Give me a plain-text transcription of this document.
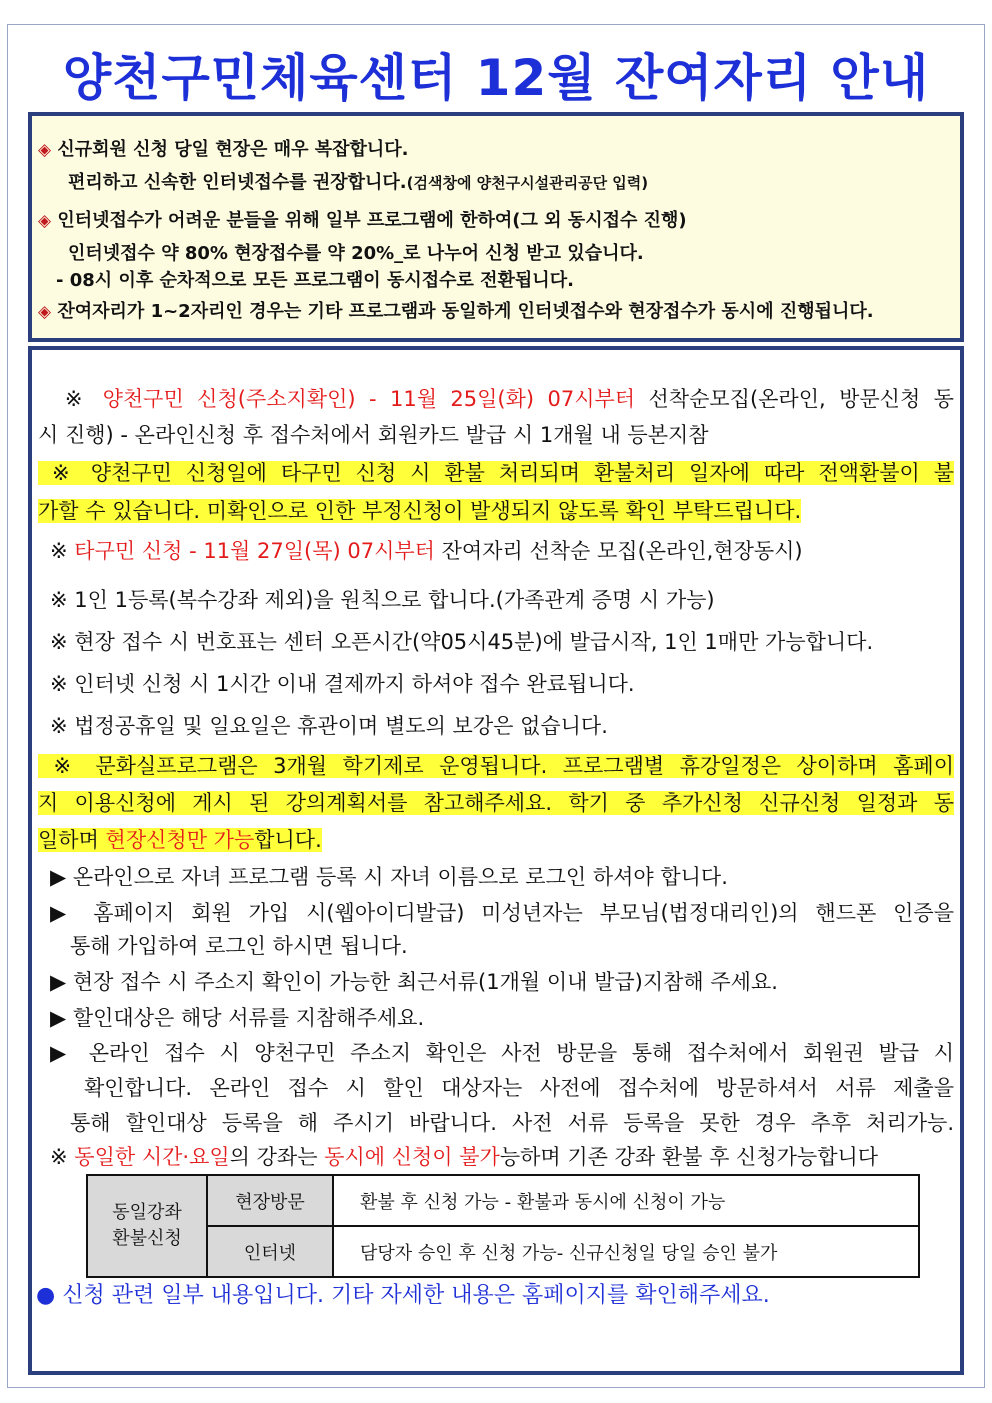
양천구민체육센터 12월 잔여자리 안내
◈ 신규회원 신청 당일 현장은 매우 복잡합니다.
편리하고 신속한 인터넷접수를 권장합니다.(검색창에 양천구시설관리공단 입력)
◈ 인터넷접수가 어려운 분들을 위해 일부 프로그램에 한하여(그 외 동시접수 진행)
인터넷접수 약 80% 현장접수를 약 20%_로 나누어 신청 받고 있습니다.
- 08시 이후 순차적으로 모든 프로그램이 동시접수로 전환됩니다.
◈ 잔여자리가 1~2자리인 경우는 기타 프로그램과 동일하게 인터넷접수와 현장접수가 동시에 진행됩니다.
※ 양천구민 신청(주소지확인) - 11월 25일(화) 07시부터 선착순모집(온라인, 방문신청 동
시 진행) - 온라인신청 후 접수처에서 회원카드 발급 시 1개월 내 등본지참
※ 양천구민 신청일에 타구민 신청 시 환불 처리되며 환불처리 일자에 따라 전액환불이 불
가할 수 있습니다. 미확인으로 인한 부정신청이 발생되지 않도록 확인 부탁드립니다.
※ 타구민 신청 - 11월 27일(목) 07시부터 잔여자리 선착순 모집(온라인,현장동시)
※ 1인 1등록(복수강좌 제외)을 원칙으로 합니다.(가족관계 증명 시 가능)
※ 현장 접수 시 번호표는 센터 오픈시간(약05시45분)에 발급시작, 1인 1매만 가능합니다.
※ 인터넷 신청 시 1시간 이내 결제까지 하셔야 접수 완료됩니다.
※ 법정공휴일 및 일요일은 휴관이며 별도의 보강은 없습니다.
※ 문화실프로그램은 3개월 학기제로 운영됩니다. 프로그램별 휴강일정은 상이하며 홈페이
지 이용신청에 게시 된 강의계획서를 참고해주세요. 학기 중 추가신청 신규신청 일정과 동
일하며 현장신청만 가능합니다.
▶ 온라인으로 자녀 프로그램 등록 시 자녀 이름으로 로그인 하셔야 합니다.
▶ 홈페이지 회원 가입 시(웹아이디발급) 미성년자는 부모님(법정대리인)의 핸드폰 인증을
통해 가입하여 로그인 하시면 됩니다.
▶ 현장 접수 시 주소지 확인이 가능한 최근서류(1개월 이내 발급)지참해 주세요.
▶ 할인대상은 해당 서류를 지참해주세요.
▶ 온라인 접수 시 양천구민 주소지 확인은 사전 방문을 통해 접수처에서 회원권 발급 시
확인합니다. 온라인 접수 시 할인 대상자는 사전에 접수처에 방문하셔서 서류 제출을
통해 할인대상 등록을 해 주시기 바랍니다. 사전 서류 등록을 못한 경우 추후 처리가능.
※ 동일한 시간·요일의 강좌는 동시에 신청이 불가능하며 기존 강좌 환불 후 신청가능합니다
동일강좌
환불신청	현장방문	환불 후 신청 가능 - 환불과 동시에 신청이 가능
	인터넷	담당자 승인 후 신청 가능- 신규신청일 당일 승인 불가
● 신청 관련 일부 내용입니다. 기타 자세한 내용은 홈페이지를 확인해주세요.
